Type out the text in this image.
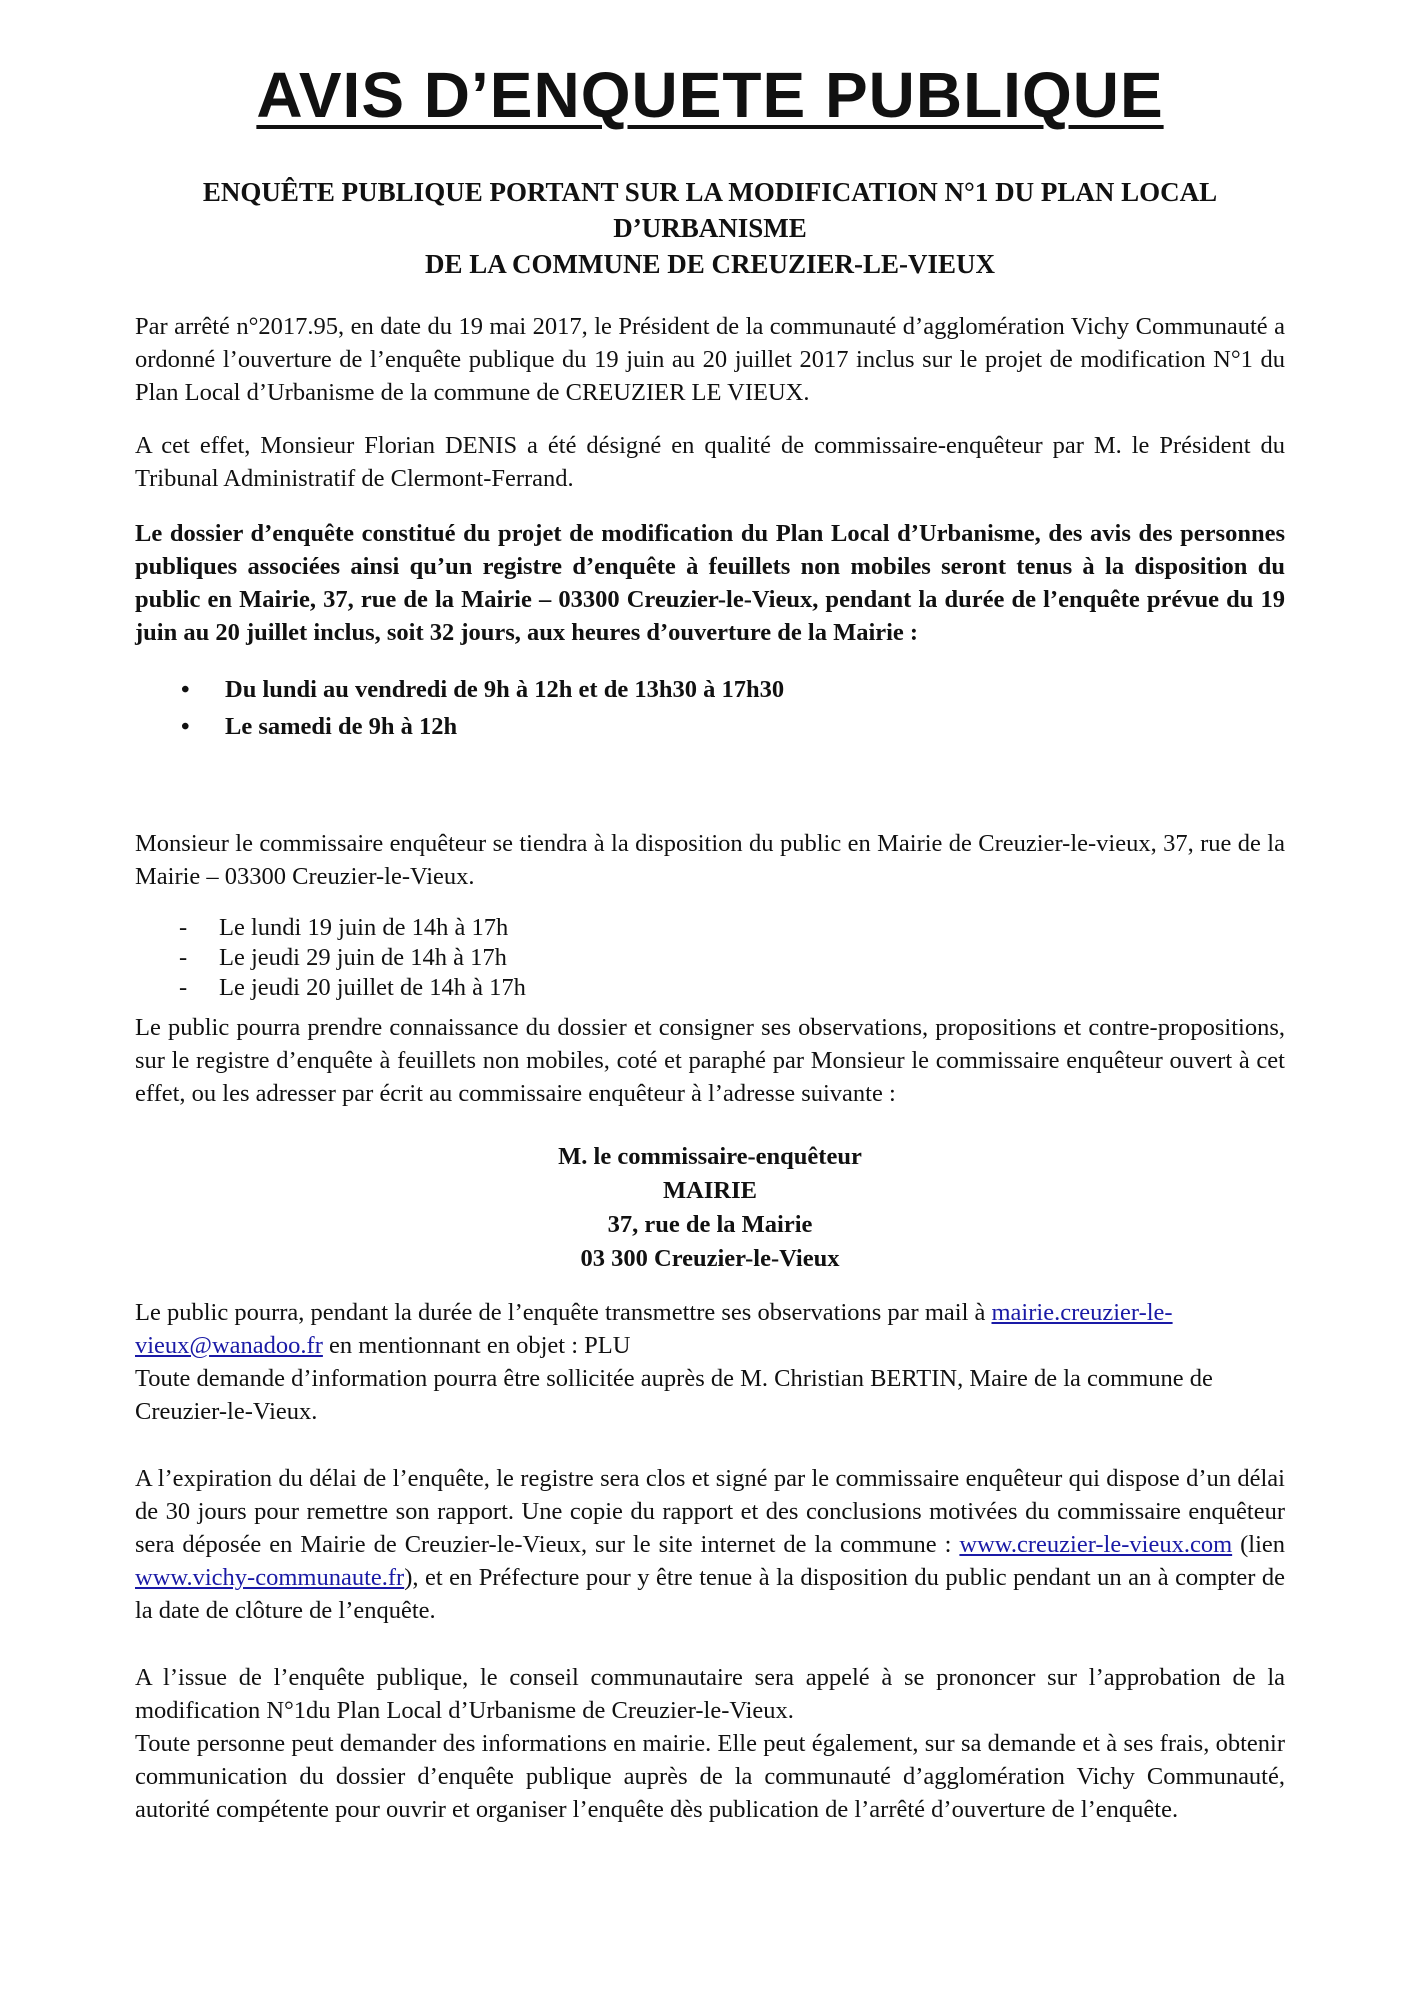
AVIS D’ENQUETE PUBLIQUE
ENQUÊTE PUBLIQUE PORTANT SUR LA MODIFICATION N°1 DU PLAN LOCAL
D’URBANISME
DE LA COMMUNE DE CREUZIER-LE-VIEUX

Par arrêté n°2017.95, en date du 19 mai 2017, le Président de la communauté d’agglomération Vichy Communauté a ordonné l’ouverture de l’enquête publique du 19 juin au 20 juillet 2017 inclus sur le projet de modification N°1 du Plan Local d’Urbanisme de la commune de CREUZIER LE VIEUX.

A cet effet, Monsieur Florian DENIS a été désigné en qualité de commissaire-enquêteur par M. le Président du Tribunal Administratif de Clermont-Ferrand.

Le dossier d’enquête constitué du projet de modification du Plan Local d’Urbanisme, des avis des personnes publiques associées ainsi qu’un registre d’enquête à feuillets non mobiles seront tenus à la disposition du public en Mairie, 37, rue de la Mairie – 03300 Creuzier-le-Vieux, pendant la durée de l’enquête prévue du 19 juin au 20 juillet inclus, soit 32 jours, aux heures d’ouverture de la Mairie :

• Du lundi au vendredi de 9h à 12h et de 13h30 à 17h30
• Le samedi de 9h à 12h

Monsieur le commissaire enquêteur se tiendra à la disposition du public en Mairie de Creuzier-le-vieux, 37, rue de la Mairie – 03300 Creuzier-le-Vieux.

- Le lundi 19 juin de 14h à 17h
- Le jeudi 29 juin de 14h à 17h
- Le jeudi 20 juillet de 14h à 17h

Le public pourra prendre connaissance du dossier et consigner ses observations, propositions et contre-propositions, sur le registre d’enquête à feuillets non mobiles, coté et paraphé par Monsieur le commissaire enquêteur ouvert à cet effet, ou les adresser par écrit au commissaire enquêteur à l’adresse suivante :

M. le commissaire-enquêteur
MAIRIE
37, rue de la Mairie
03 300 Creuzier-le-Vieux

Le public pourra, pendant la durée de l’enquête transmettre ses observations par mail à mairie.creuzier-le-vieux@wanadoo.fr en mentionnant en objet : PLU

Toute demande d’information pourra être sollicitée auprès de M. Christian BERTIN, Maire de la commune de Creuzier-le-Vieux.

A l’expiration du délai de l’enquête, le registre sera clos et signé par le commissaire enquêteur qui dispose d’un délai de 30 jours pour remettre son rapport. Une copie du rapport et des conclusions motivées du commissaire enquêteur sera déposée en Mairie de Creuzier-le-Vieux, sur le site internet de la commune : www.creuzier-le-vieux.com (lien www.vichy-communaute.fr), et en Préfecture pour y être tenue à la disposition du public pendant un an à compter de la date de clôture de l’enquête.

A l’issue de l’enquête publique, le conseil communautaire sera appelé à se prononcer sur l’approbation de la modification N°1du Plan Local d’Urbanisme de Creuzier-le-Vieux.

Toute personne peut demander des informations en mairie. Elle peut également, sur sa demande et à ses frais, obtenir communication du dossier d’enquête publique auprès de la communauté d’agglomération Vichy Communauté, autorité compétente pour ouvrir et organiser l’enquête dès publication de l’arrêté d’ouverture de l’enquête.
